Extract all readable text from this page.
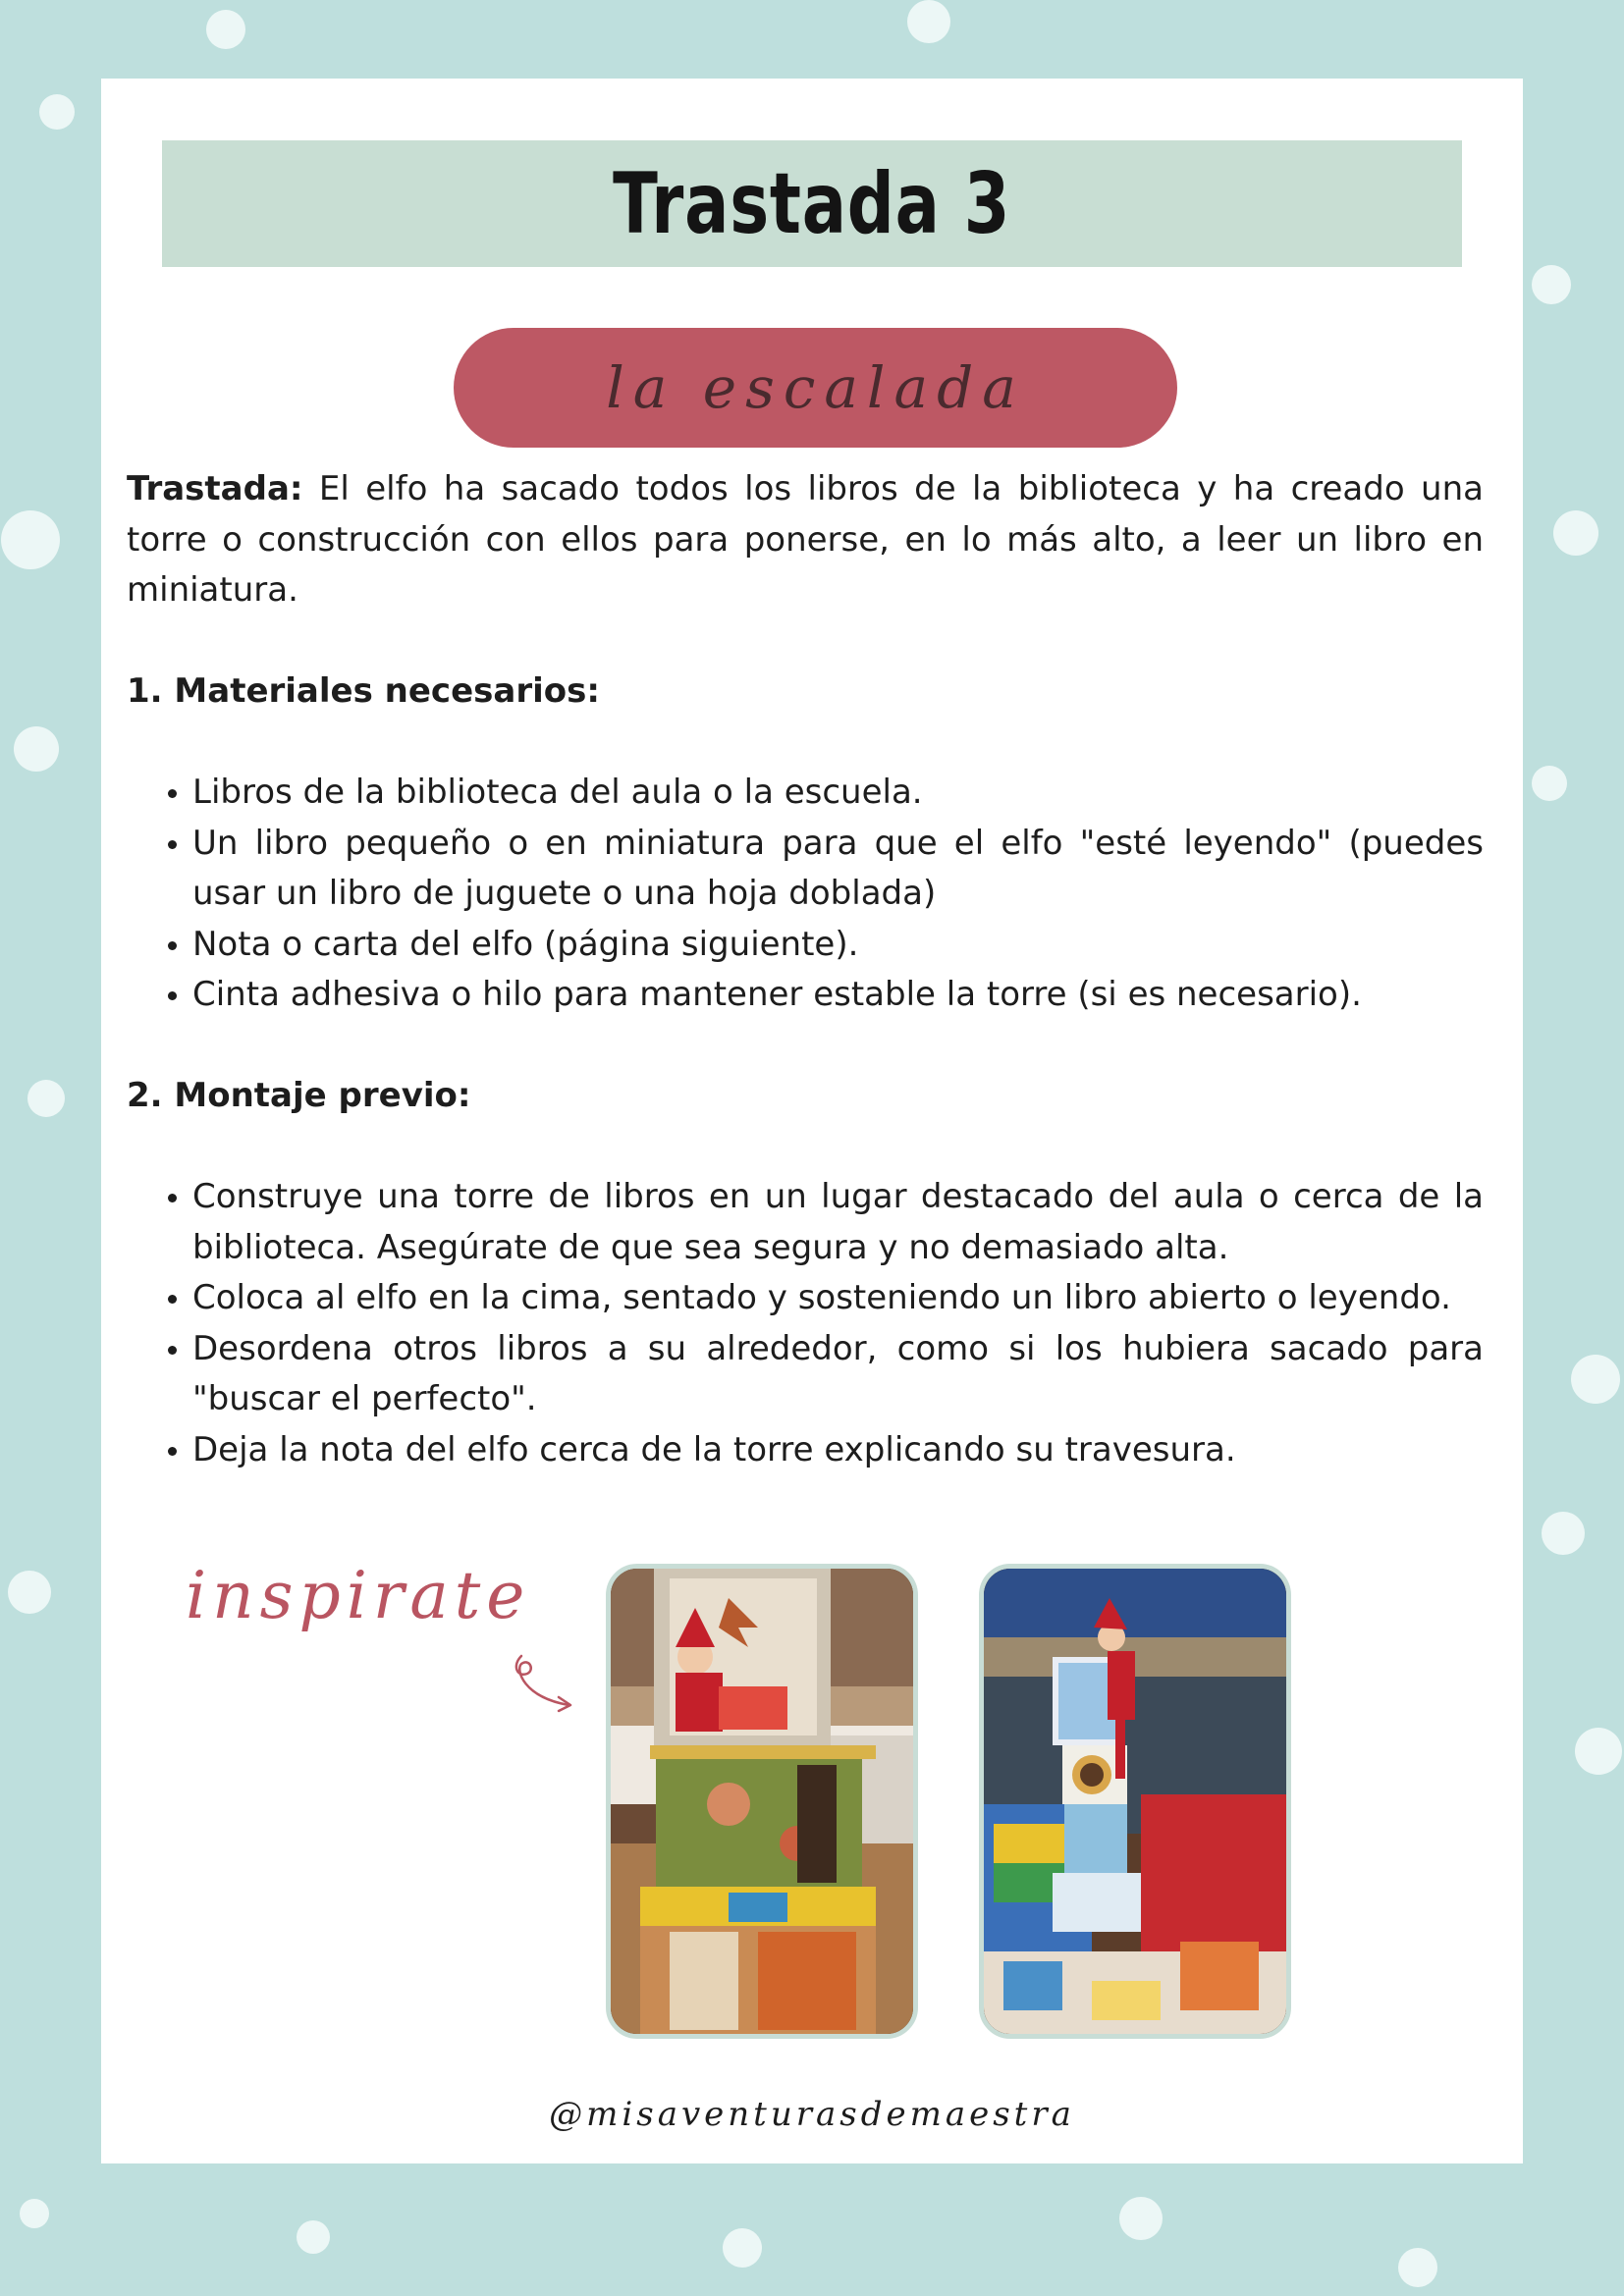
Trastada 3
la escalada

Trastada: El elfo ha sacado todos los libros de la biblioteca y ha creado una torre o construcción con ellos para ponerse, en lo más alto, a leer un libro en miniatura.

1. Materiales necesarios:

• Libros de la biblioteca del aula o la escuela.
• Un libro pequeño o en miniatura para que el elfo "esté leyendo" (puedes usar un libro de juguete o una hoja doblada)
• Nota o carta del elfo (página siguiente).
• Cinta adhesiva o hilo para mantener estable la torre (si es necesario).

2. Montaje previo:

• Construye una torre de libros en un lugar destacado del aula o cerca de la biblioteca. Asegúrate de que sea segura y no demasiado alta.
• Coloca al elfo en la cima, sentado y sosteniendo un libro abierto o leyendo.
• Desordena otros libros a su alrededor, como si los hubiera sacado para "buscar el perfecto".
• Deja la nota del elfo cerca de la torre explicando su travesura.
inspirate
@misaventurasdemaestra
